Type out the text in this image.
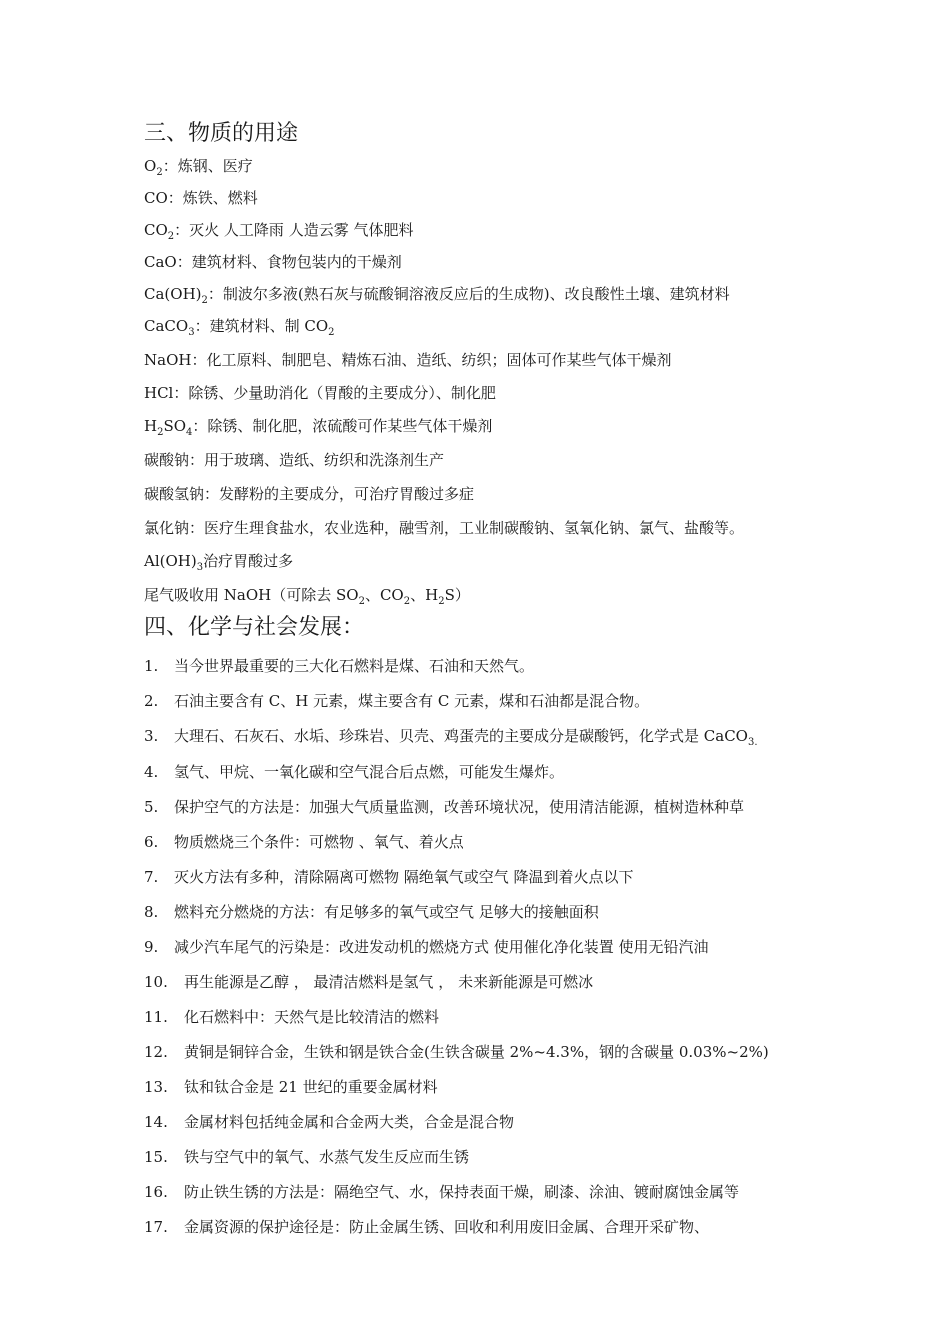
三、物质的用途
$O_2$：炼钢、医疗
CO：炼铁、燃料
$CO_2$：灭火 人工降雨 人造云雾 气体肥料
CaO：建筑材料、食物包装内的干燥剂
$Ca(OH)_2$：制波尔多液(熟石灰与硫酸铜溶液反应后的生成物)、改良酸性土壤、建筑材料
CaCO$_3$：建筑材料、制 $CO_2$
NaOH：化工原料、制肥皂、精炼石油、造纸、纺织；固体可作某些气体干燥剂
HCl：除锈、少量助消化（胃酸的主要成分）、制化肥
$H_2SO_4$：除锈、制化肥，浓硫酸可作某些气体干燥剂
碳酸钠：用于玻璃、造纸、纺织和洗涤剂生产
碳酸氢钠：发酵粉的主要成分，可治疗胃酸过多症
氯化钠：医疗生理食盐水，农业选种，融雪剂，工业制碳酸钠、氢氧化钠、氯气、盐酸等。
$Al(OH)_3$治疗胃酸过多
尾气吸收用 NaOH（可除去 $SO_2$、$CO_2$、$H_2S$）
四、化学与社会发展：
1. 当今世界最重要的三大化石燃料是煤、石油和天然气。
2. 石油主要含有 C、H 元素，煤主要含有 C 元素，煤和石油都是混合物。
3. 大理石、石灰石、水垢、珍珠岩、贝壳、鸡蛋壳的主要成分是碳酸钙，化学式是 CaCO$_{3.}$
4. 氢气、甲烷、一氧化碳和空气混合后点燃，可能发生爆炸。
5. 保护空气的方法是：加强大气质量监测，改善环境状况，使用清洁能源，植树造林种草
6. 物质燃烧三个条件：可燃物 、氧气、着火点
7. 灭火方法有多种，清除隔离可燃物 隔绝氧气或空气 降温到着火点以下
8. 燃料充分燃烧的方法：有足够多的氧气或空气 足够大的接触面积
9. 减少汽车尾气的污染是：改进发动机的燃烧方式 使用催化净化装置 使用无铅汽油
10. 再生能源是乙醇 ， 最清洁燃料是氢气 ， 未来新能源是可燃冰
11. 化石燃料中：天然气是比较清洁的燃料
12. 黄铜是铜锌合金，生铁和钢是铁合金(生铁含碳量 2%~4.3%，钢的含碳量 0.03%~2%)
13. 钛和钛合金是 21 世纪的重要金属材料
14. 金属材料包括纯金属和合金两大类，合金是混合物
15. 铁与空气中的氧气、水蒸气发生反应而生锈
16. 防止铁生锈的方法是：隔绝空气、水，保持表面干燥，刷漆、涂油、镀耐腐蚀金属等
17. 金属资源的保护途径是：防止金属生锈、回收和利用废旧金属、合理开采矿物、
